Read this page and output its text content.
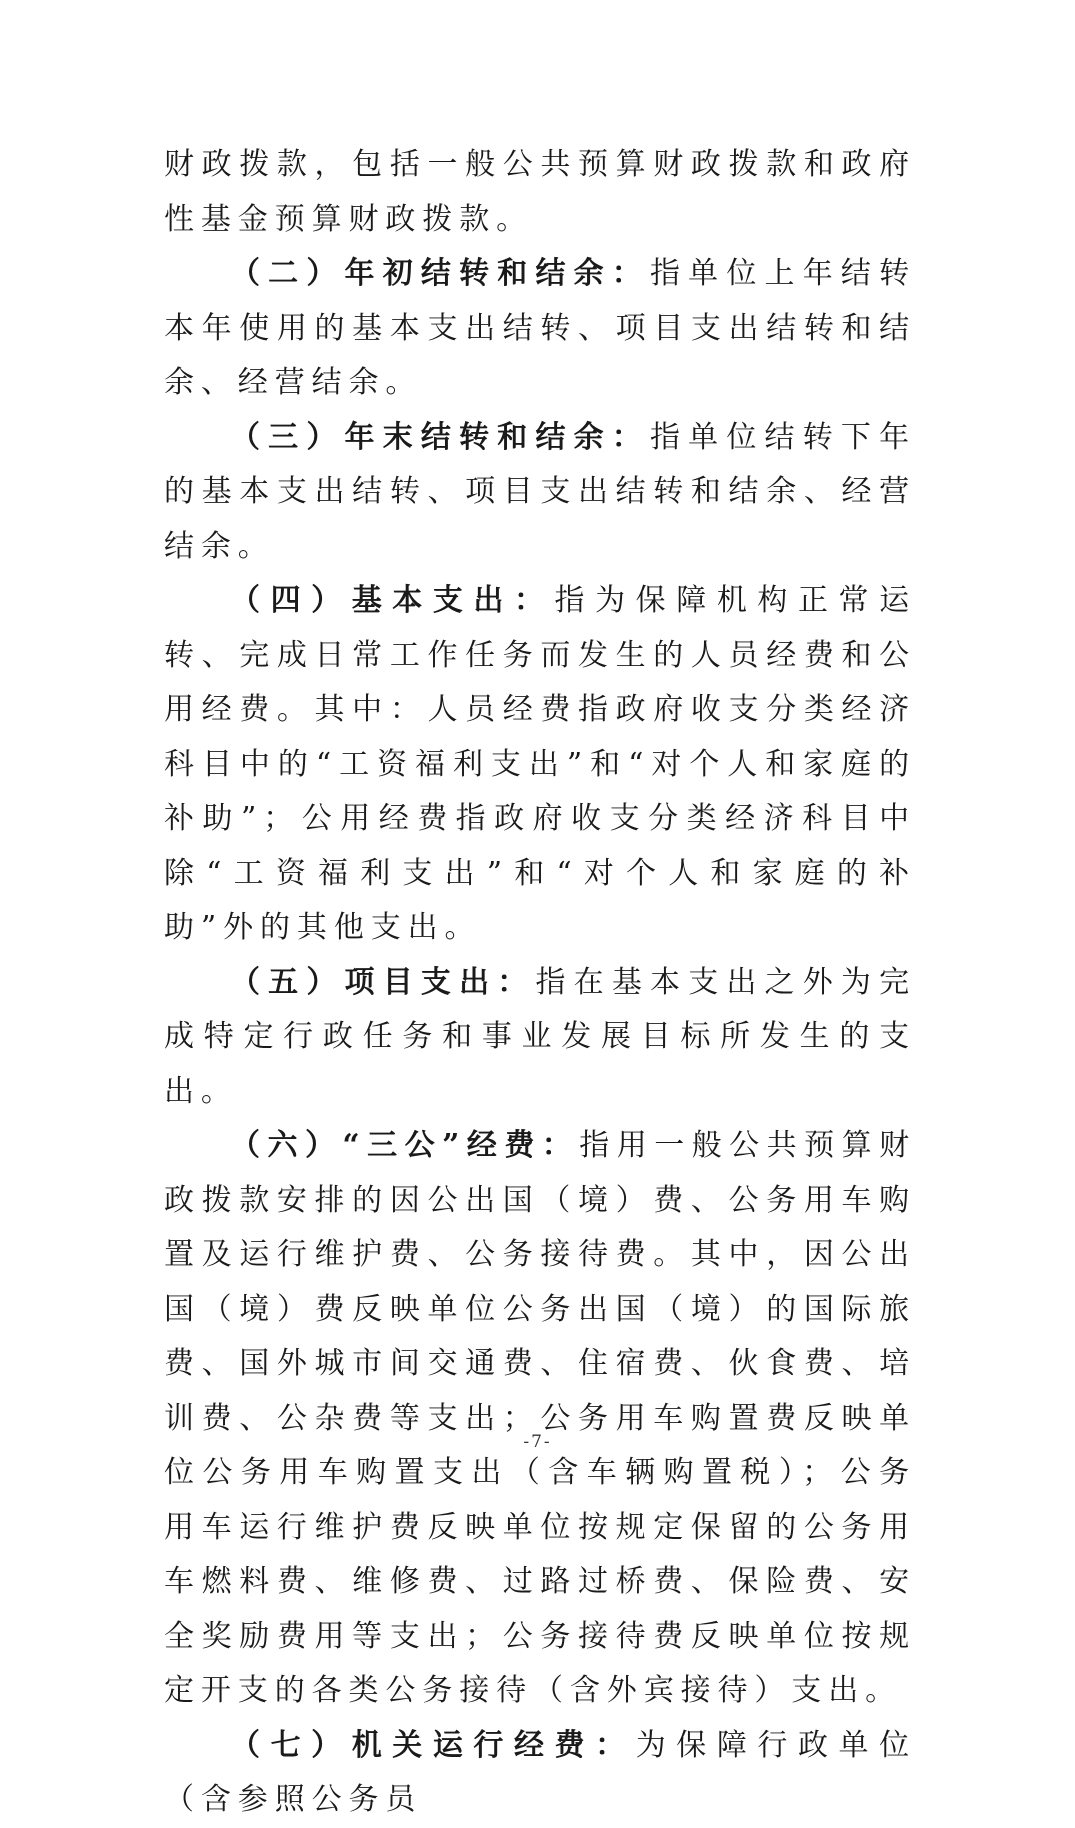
财政拨款，包括一般公共预算财政拨款和政府性基金预算财政拨款。

（二）年初结转和结余：指单位上年结转本年使用的基本支出结转、项目支出结转和结余、经营结余。

（三）年末结转和结余：指单位结转下年的基本支出结转、项目支出结转和结余、经营结余。

（四）基本支出：指为保障机构正常运转、完成日常工作任务而发生的人员经费和公用经费。其中：人员经费指政府收支分类经济科目中的“工资福利支出”和“对个人和家庭的补助”；公用经费指政府收支分类经济科目中除“工资福利支出”和“对个人和家庭的补助”外的其他支出。

（五）项目支出：指在基本支出之外为完成特定行政任务和事业发展目标所发生的支出。

（六）“三公”经费：指用一般公共预算财政拨款安排的因公出国（境）费、公务用车购置及运行维护费、公务接待费。其中，因公出国（境）费反映单位公务出国（境）的国际旅费、国外城市间交通费、住宿费、伙食费、培训费、公杂费等支出；公务用车购置费反映单位公务用车购置支出（含车辆购置税）；公务用车运行维护费反映单位按规定保留的公务用车燃料费、维修费、过路过桥费、保险费、安全奖励费用等支出；公务接待费反映单位按规定开支的各类公务接待（含外宾接待）支出。

（七）机关运行经费：为保障行政单位（含参照公务员

-7-
